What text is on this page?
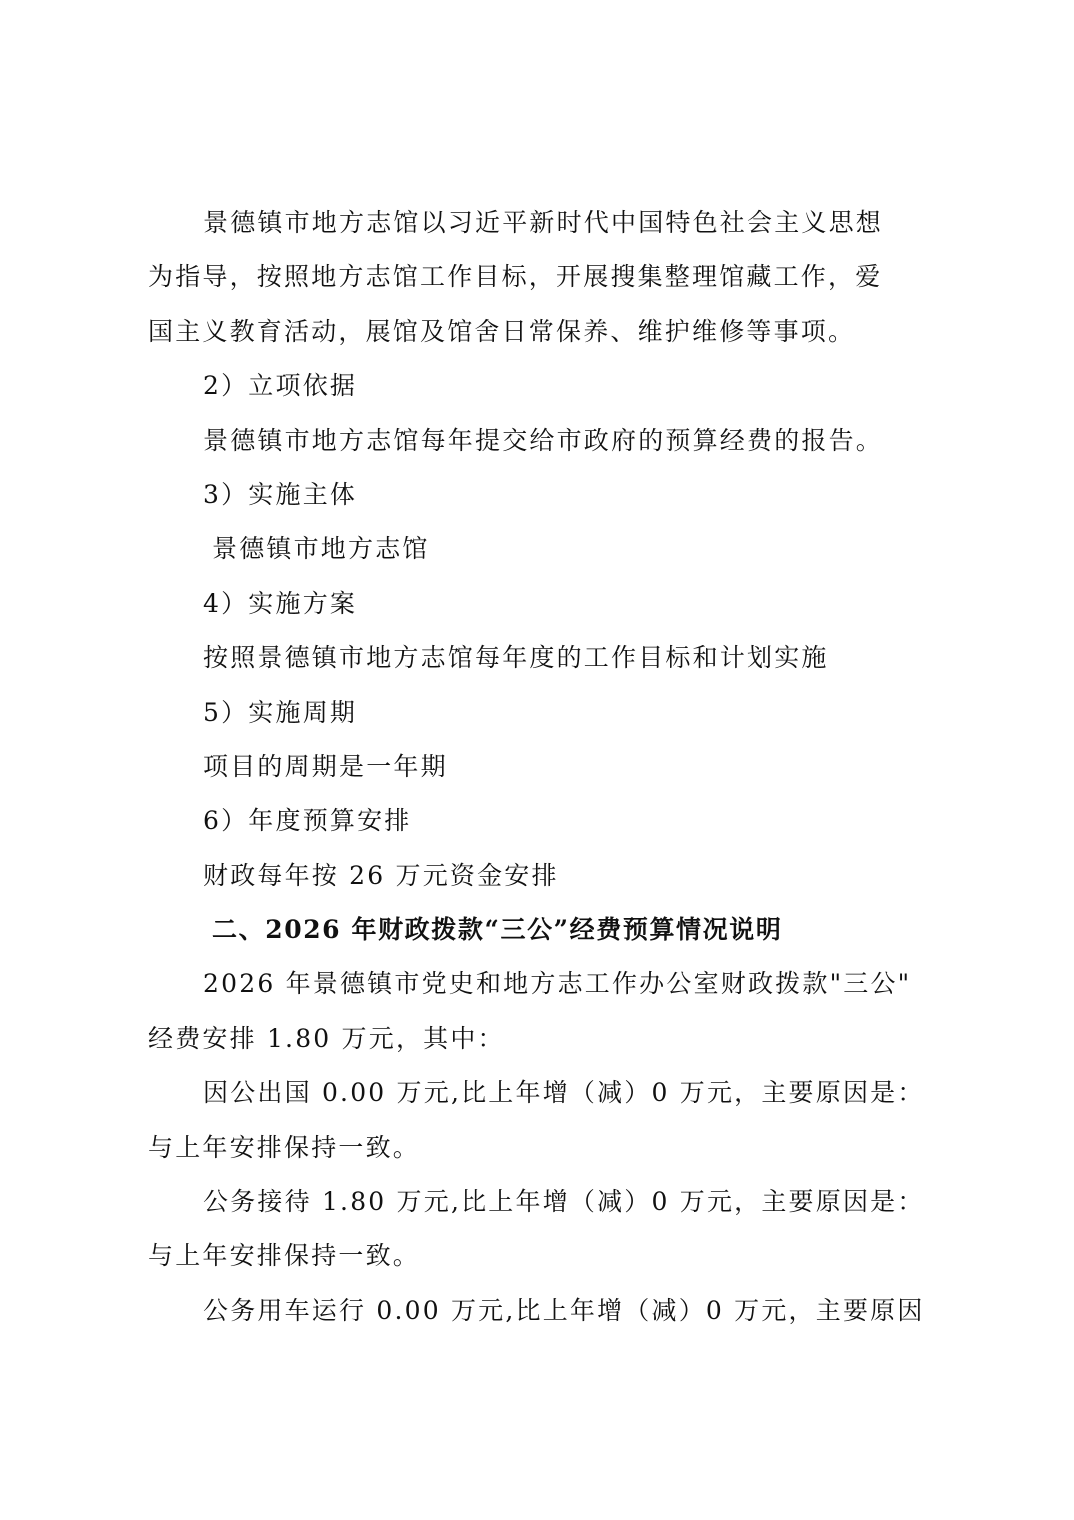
景德镇市地方志馆以习近平新时代中国特色社会主义思想
为指导，按照地方志馆工作目标，开展搜集整理馆藏工作，爱
国主义教育活动，展馆及馆舍日常保养、维护维修等事项。
2）立项依据
景德镇市地方志馆每年提交给市政府的预算经费的报告。
3）实施主体
景德镇市地方志馆
4）实施方案
按照景德镇市地方志馆每年度的工作目标和计划实施
5）实施周期
项目的周期是一年期
6）年度预算安排
财政每年按 26 万元资金安排
二、2026 年财政拨款“三公”经费预算情况说明
2026 年景德镇市党史和地方志工作办公室财政拨款"三公"
经费安排 1.80 万元，其中：
因公出国 0.00 万元,比上年增（减）0 万元，主要原因是：
与上年安排保持一致。
公务接待 1.80 万元,比上年增（减）0 万元，主要原因是：
与上年安排保持一致。
公务用车运行 0.00 万元,比上年增（减）0 万元，主要原因
